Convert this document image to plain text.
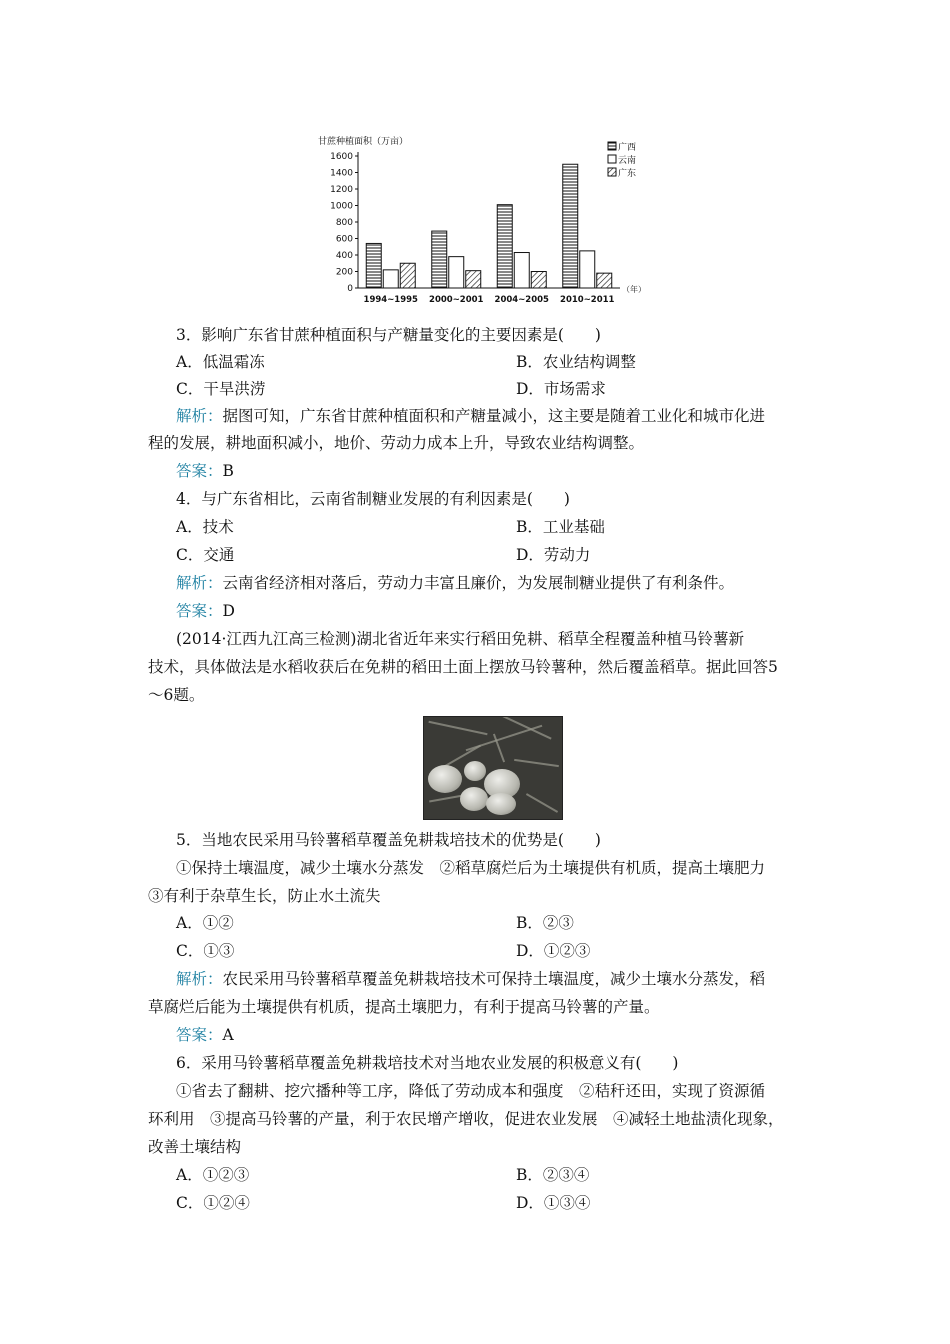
甘蔗种植面积（万亩）
0
200
400
600
800
1000
1200
1400
1600
1994~1995 2000~2001 2004~2005 2010~2011
广西
云南
广东
（年）
3．影响广东省甘蔗种植面积与产糖量变化的主要因素是(　　)
A．低温霜冻	B．农业结构调整
C．干旱洪涝	D．市场需求
解析：据图可知，广东省甘蔗种植面积和产糖量减小，这主要是随着工业化和城市化进
程的发展，耕地面积减小，地价、劳动力成本上升，导致农业结构调整。
答案：B
4．与广东省相比，云南省制糖业发展的有利因素是(　　)
A．技术	B．工业基础
C．交通	D．劳动力
解析：云南省经济相对落后，劳动力丰富且廉价，为发展制糖业提供了有利条件。
答案：D
(2014·江西九江高三检测)湖北省近年来实行稻田免耕、稻草全程覆盖种植马铃薯新
技术，具体做法是水稻收获后在免耕的稻田土面上摆放马铃薯种，然后覆盖稻草。据此回答5
～6题。
5．当地农民采用马铃薯稻草覆盖免耕栽培技术的优势是(　　)
①保持土壤温度，减少土壤水分蒸发　②稻草腐烂后为土壤提供有机质，提高土壤肥力
③有利于杂草生长，防止水土流失
A．①②	B．②③
C．①③	D．①②③
解析：农民采用马铃薯稻草覆盖免耕栽培技术可保持土壤温度，减少土壤水分蒸发，稻
草腐烂后能为土壤提供有机质，提高土壤肥力，有利于提高马铃薯的产量。
答案：A
6．采用马铃薯稻草覆盖免耕栽培技术对当地农业发展的积极意义有(　　)
①省去了翻耕、挖穴播种等工序，降低了劳动成本和强度　②秸秆还田，实现了资源循
环利用　③提高马铃薯的产量，利于农民增产增收，促进农业发展　④减轻土地盐渍化现象，
改善土壤结构
A．①②③	B．②③④
C．①②④	D．①③④
